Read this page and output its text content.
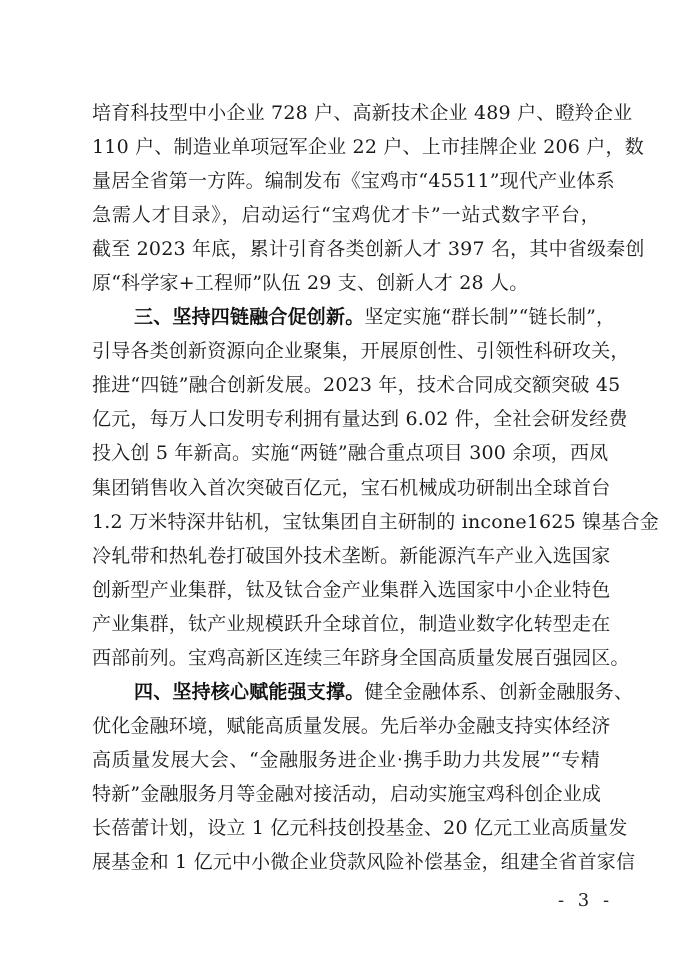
培育科技型中小企业 728 户、高新技术企业 489 户、瞪羚企业
110 户、制造业单项冠军企业 22 户、上市挂牌企业 206 户，数
量居全省第一方阵。编制发布《宝鸡市“45511”现代产业体系
急需人才目录》，启动运行“宝鸡优才卡”一站式数字平台，
截至 2023 年底，累计引育各类创新人才 397 名，其中省级秦创
原“科学家+工程师”队伍 29 支、创新人才 28 人。
三、坚持四链融合促创新。坚定实施“群长制”“链长制”，
引导各类创新资源向企业聚集，开展原创性、引领性科研攻关，
推进“四链”融合创新发展。2023 年，技术合同成交额突破 45
亿元，每万人口发明专利拥有量达到 6.02 件，全社会研发经费
投入创 5 年新高。实施“两链”融合重点项目 300 余项，西凤
集团销售收入首次突破百亿元，宝石机械成功研制出全球首台
1.2 万米特深井钻机，宝钛集团自主研制的 incone1625 镍基合金
冷轧带和热轧卷打破国外技术垄断。新能源汽车产业入选国家
创新型产业集群，钛及钛合金产业集群入选国家中小企业特色
产业集群，钛产业规模跃升全球首位，制造业数字化转型走在
西部前列。宝鸡高新区连续三年跻身全国高质量发展百强园区。
四、坚持核心赋能强支撑。健全金融体系、创新金融服务、
优化金融环境，赋能高质量发展。先后举办金融支持实体经济
高质量发展大会、“金融服务进企业·携手助力共发展”“专精
特新”金融服务月等金融对接活动，启动实施宝鸡科创企业成
长蓓蕾计划，设立 1 亿元科技创投基金、20 亿元工业高质量发
展基金和 1 亿元中小微企业贷款风险补偿基金，组建全省首家信
- 3 -
